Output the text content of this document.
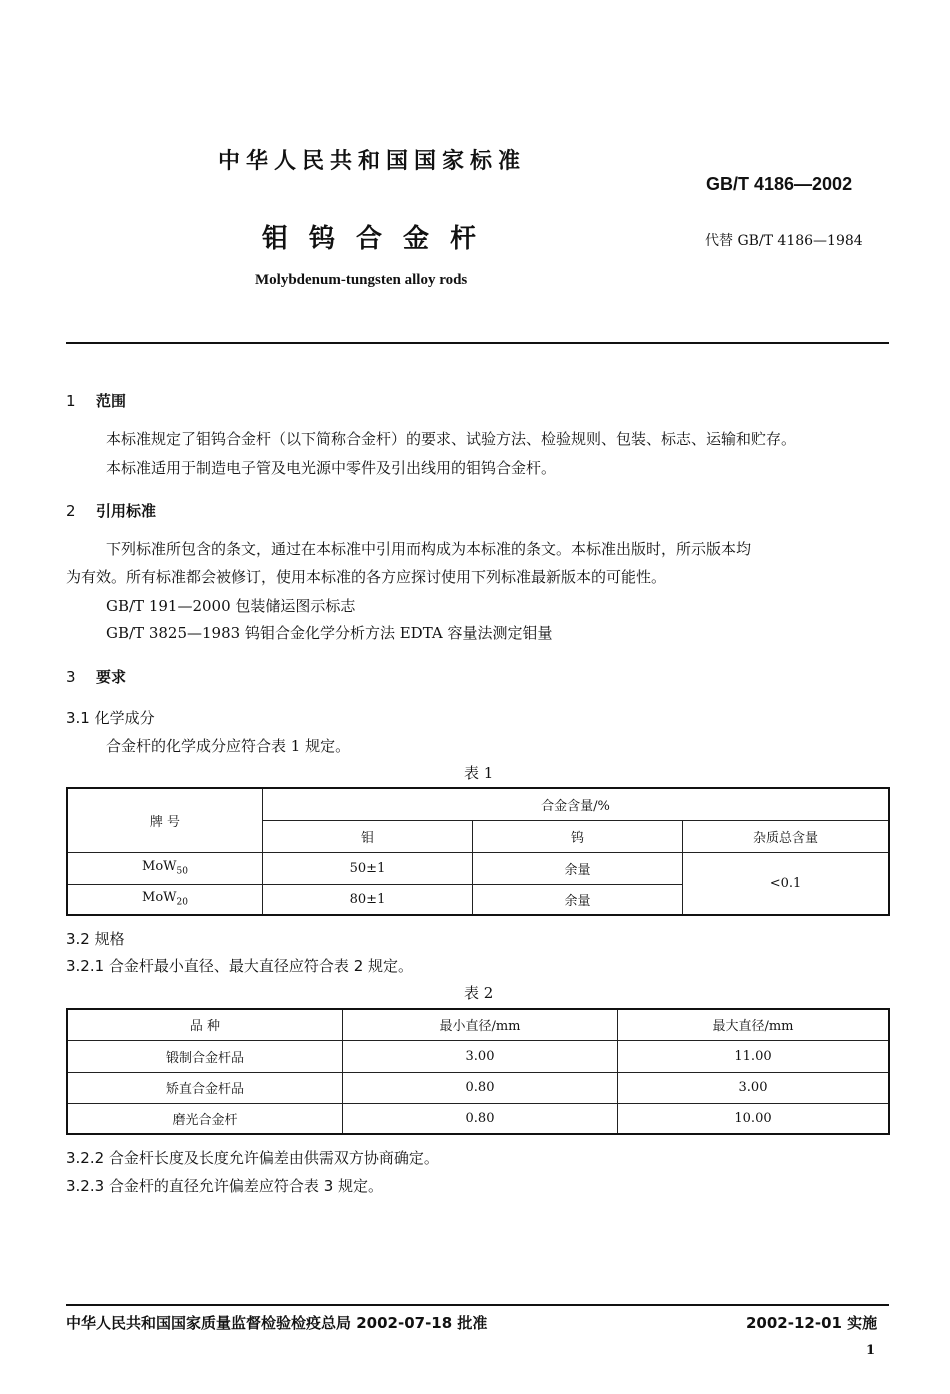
中华人民共和国国家标准
GB/T 4186—2002
钼钨合金杆	代替 GB/T 4186—1984
Molybdenum-tungsten alloy rods
1 范围
本标准规定了钼钨合金杆（以下简称合金杆）的要求、试验方法、检验规则、包装、标志、运输和贮存。
本标准适用于制造电子管及电光源中零件及引出线用的钼钨合金杆。
2 引用标准
下列标准所包含的条文，通过在本标准中引用而构成为本标准的条文。本标准出版时，所示版本均
为有效。所有标准都会被修订，使用本标准的各方应探讨使用下列标准最新版本的可能性。
GB/T 191—2000 包装储运图示标志
GB/T 3825—1983 钨钼合金化学分析方法 EDTA 容量法测定钼量
3 要求
3.1 化学成分
合金杆的化学成分应符合表 1 规定。
表 1
牌 号	合金含量/%		
	钼	钨	杂质总含量
MoW$_{50}$	50±1	余量	<0.1
MoW$_{20}$	80±1	余量	
3.2 规格
3.2.1 合金杆最小直径、最大直径应符合表 2 规定。
表 2
品 种	最小直径/mm	最大直径/mm
锻制合金杆品	3.00	11.00
矫直合金杆品	0.80	3.00
磨光合金杆	0.80	10.00
3.2.2 合金杆长度及长度允许偏差由供需双方协商确定。
3.2.3 合金杆的直径允许偏差应符合表 3 规定。
中华人民共和国国家质量监督检验检疫总局 2002-07-18 批准	2002-12-01 实施
1
